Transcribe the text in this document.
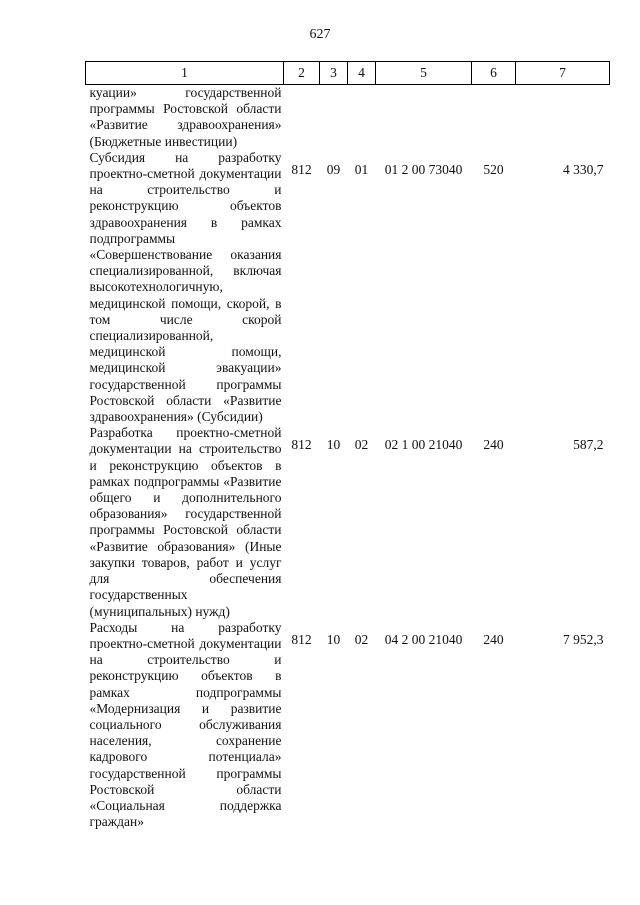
627
1	2	3	4	5	6	7
куации» государственной программы Ростовской области «Развитие здравоохранения» (Бюджетные инвестиции)						
Субсидия на разработку проектно-сметной документации на строительство и реконструкцию объектов здравоохранения в рамках подпрограммы «Совершенствование оказания специализированной, включая высокотехнологичную, медицинской помощи, скорой, в том числе скорой специализированной, медицинской помощи, медицинской эвакуации» государственной программы Ростовской области «Развитие здравоохранения» (Субсидии)	812	09	01	01 2 00 73040	520	4 330,7
Разработка проектно-сметной документации на строительство и реконструкцию объектов в рамках подпрограммы «Развитие общего и дополнительного образования» государственной программы Ростовской области «Развитие образования» (Иные закупки товаров, работ и услуг для обеспечения государственных (муниципальных) нужд)	812	10	02	02 1 00 21040	240	587,2
Расходы на разработку проектно-сметной документации на строительство и реконструкцию объектов в рамках подпрограммы «Модернизация и развитие социального обслуживания населения, сохранение кадрового потенциала» государственной программы Ростовской области «Социальная поддержка граждан»	812	10	02	04 2 00 21040	240	7 952,3
